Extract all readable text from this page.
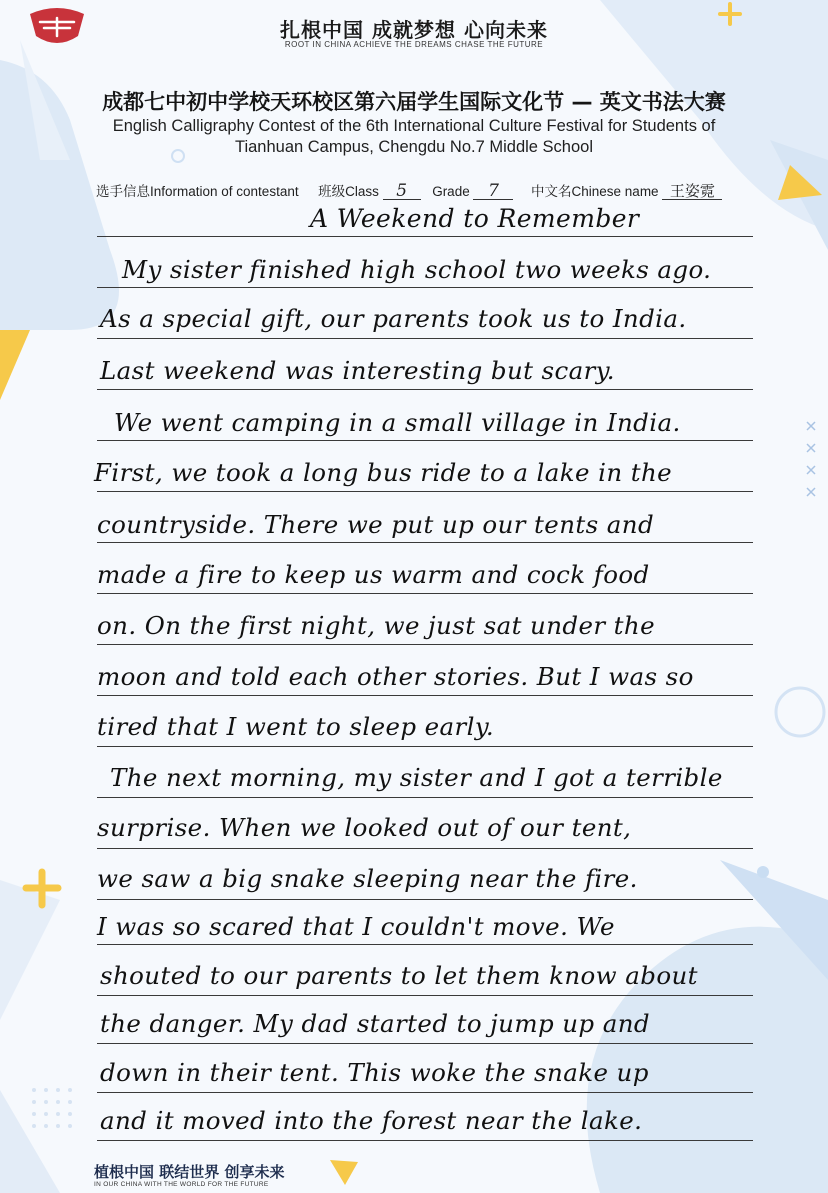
扎根中国 成就梦想 心向未来
ROOT IN CHINA ACHIEVE THE DREAMS CHASE THE FUTURE
成都七中初中学校天环校区第六届学生国际文化节 — 英文书法大赛
English Calligraphy Contest of the 6th International Culture Festival for Students of
Tianhuan Campus, Chengdu No.7 Middle School
选手信息Information of contestant 班级Class 5 Grade 7 中文名Chinese name 王姿霓
A Weekend to Remember
My sister finished high school two weeks ago.
As a special gift, our parents took us to India.
Last weekend was interesting but scary.
We went camping in a small village in India.
First, we took a long bus ride to a lake in the
countryside. There we put up our tents and
made a fire to keep us warm and cock food
on. On the first night, we just sat under the
moon and told each other stories. But I was so
tired that I went to sleep early.
The next morning, my sister and I got a terrible
surprise. When we looked out of our tent,
we saw a big snake sleeping near the fire.
I was so scared that I couldn't move. We
shouted to our parents to let them know about
the danger. My dad started to jump up and
down in their tent. This woke the snake up
and it moved into the forest near the lake.
植根中国 联结世界 创享未来
IN OUR CHINA WITH THE WORLD FOR THE FUTURE
